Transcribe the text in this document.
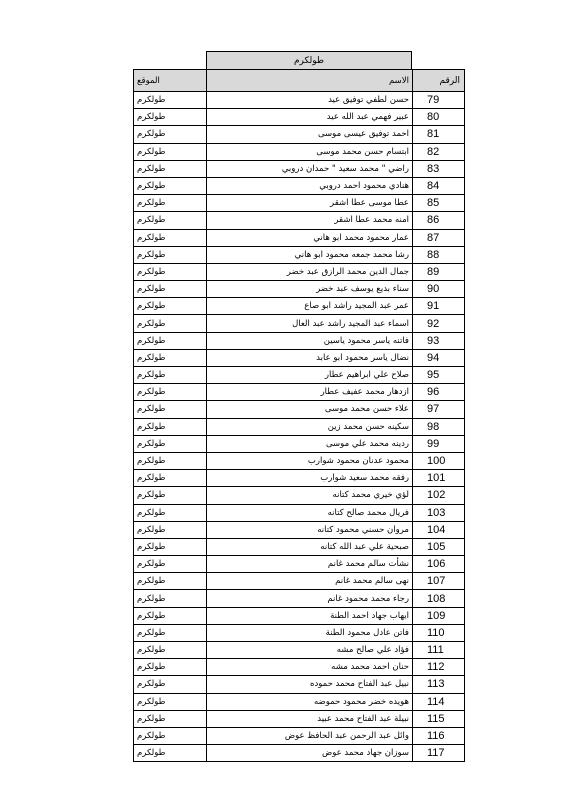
طولكرم
الرقم	الاسم	الموقع
79	حسن لطفي توفيق عيد	طولكرم
80	عبير فهمي عبد الله عيد	طولكرم
81	احمد توفيق عيسى موسى	طولكرم
82	ابتسام حسن محمد موسى	طولكرم
83	راضي " محمد سعيد " حمدان دروبي	طولكرم
84	هنادي محمود احمد دروبي	طولكرم
85	عطا موسى عطا اشقر	طولكرم
86	امنه محمد عطا اشقر	طولكرم
87	عمار محمود محمد ابو هاني	طولكرم
88	رشا محمد جمعه محمود ابو هاني	طولكرم
89	جمال الدين محمد الرازق عبد خضر	طولكرم
90	سناء بديع يوسف عبد خضر	طولكرم
91	عمر عبد المجيد راشد ابو صاع	طولكرم
92	اسماء عبد المجيد راشد عبد العال	طولكرم
93	فاتنه ياسر محمود ياسين	طولكرم
94	نضال ياسر محمود ابو عابد	طولكرم
95	صلاح علي ابراهيم عطار	طولكرم
96	ازدهار محمد عفيف عطار	طولكرم
97	علاء حسن محمد موسى	طولكرم
98	سكينه حسن محمد زين	طولكرم
99	ردينه محمد علي موسى	طولكرم
100	محمود عدنان محمود شوارب	طولكرم
101	رفقه محمد سعيد شوارب	طولكرم
102	لؤي خيري محمد كتانه	طولكرم
103	فريال محمد صالح كتانه	طولكرم
104	مروان حسني محمود كتانه	طولكرم
105	صبحية علي عبد الله كتانه	طولكرم
106	نشأت سالم محمد غانم	طولكرم
107	نهى سالم محمد غانم	طولكرم
108	رجاء محمد محمود غانم	طولكرم
109	ايهاب جهاد احمد الطنة	طولكرم
110	فاتن عادل محمود الطنة	طولكرم
111	فؤاد علي صالح مشه	طولكرم
112	حنان احمد محمد مشه	طولكرم
113	نبيل عبد الفتاح محمد حموده	طولكرم
114	هويده خضر محمود حموضه	طولكرم
115	نبيلة عبد الفتاح محمد عبيد	طولكرم
116	وائل عبد الرحمن عبد الحافظ عوض	طولكرم
117	سوزان جهاد محمد عوض	طولكرم
